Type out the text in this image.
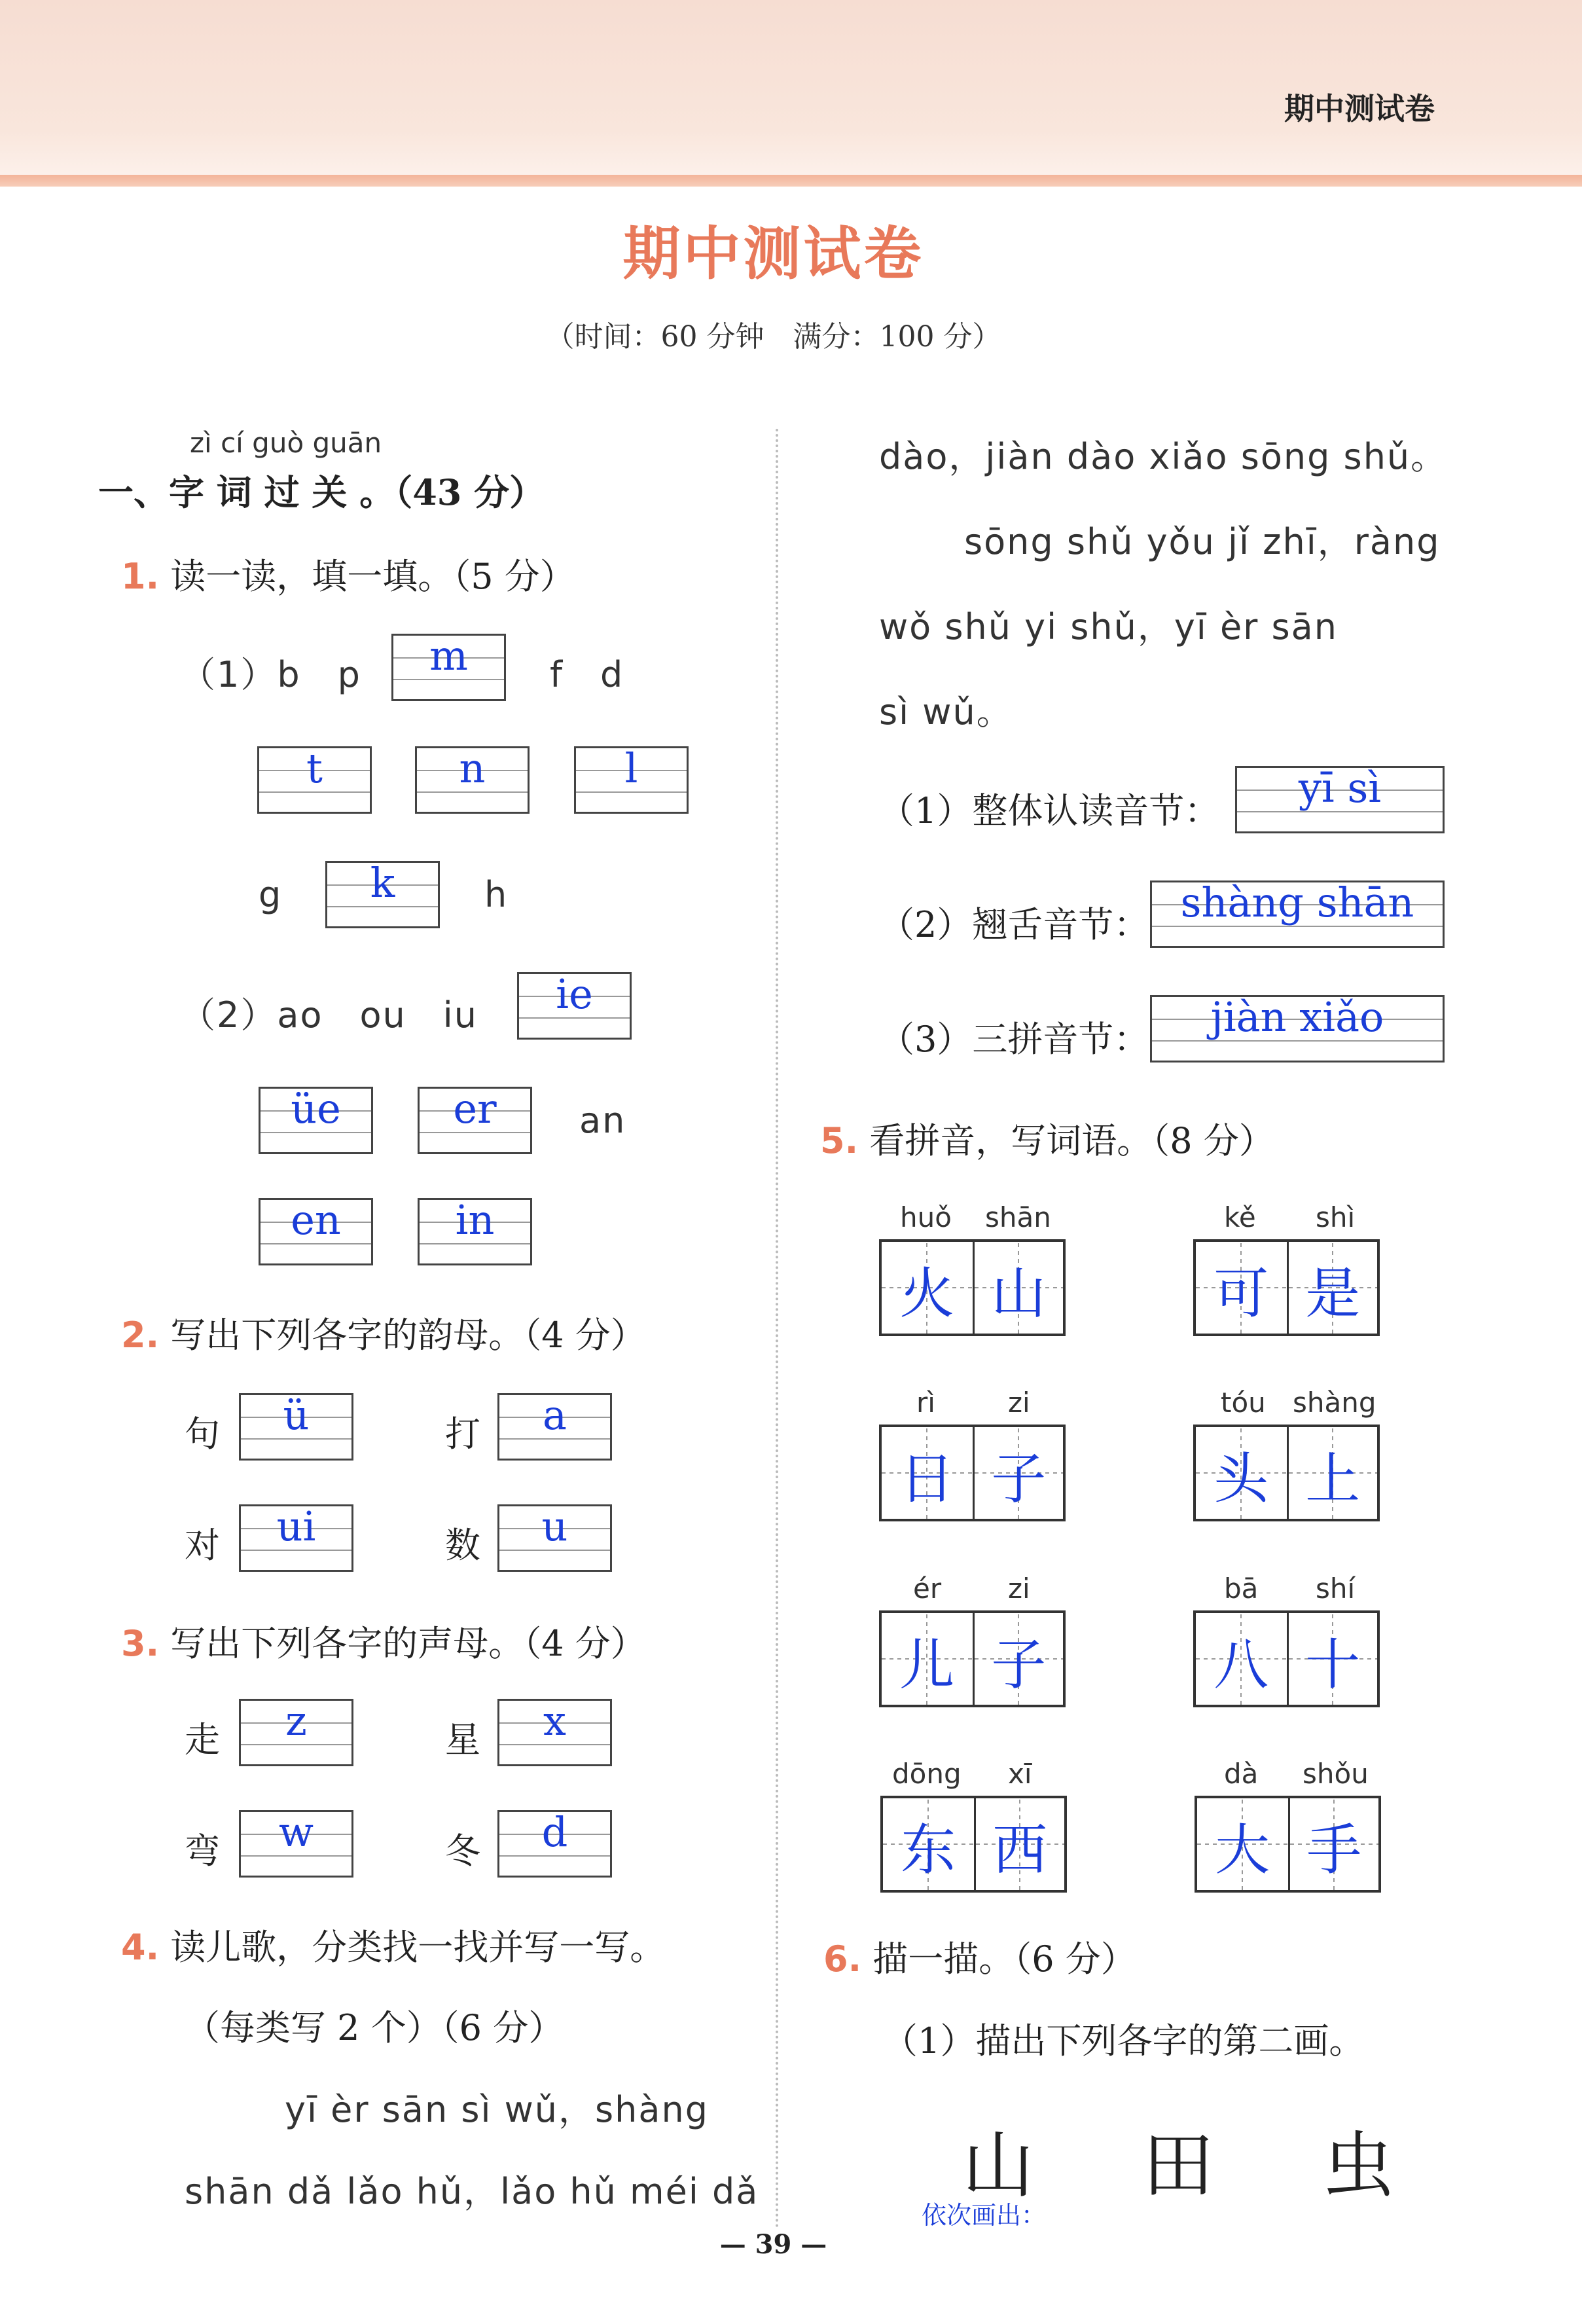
期中测试卷
期中测试卷
（时间：60 分钟　满分：100 分）
zì cí guò guān
一、字 词 过 关 。（43 分）
1. 读一读，填一填。（5 分）
（1）b　p	m	f　d
t	n	l
g	k	h
（2）ao　ou　iu	ie
üe	er	an
en	in
2. 写出下列各字的韵母。（4 分）
句	ü	打	a
对	ui	数	u
3. 写出下列各字的声母。（4 分）
走	z	星	x
弯	w	冬	d
4. 读儿歌，分类找一找并写一写。
（每类写 2 个）（6 分）
yī èr sān sì wǔ，shàng
shān dǎ lǎo hǔ，lǎo hǔ méi dǎ
dào，jiàn dào xiǎo sōng shǔ。
sōng shǔ yǒu jǐ zhī，ràng
wǒ shǔ yi shǔ，yī èr sān
sì wǔ。
（1）整体认读音节：	yī sì
（2）翘舌音节： shàng shān
（3）三拼音节：	jiàn xiǎo
5. 看拼音，写词语。（8 分）
huǒ shān
火 山
kě shì
可 是
rì	zi
日 子
tóu shàng
头 上
ér zi
儿 子
bā shí
八 十
dōng xī
东 西
dà shǒu
大 手
6. 描一描。（6 分）
（1）描出下列各字的第二画。
山 田 虫
依次画出：
— 39 —
